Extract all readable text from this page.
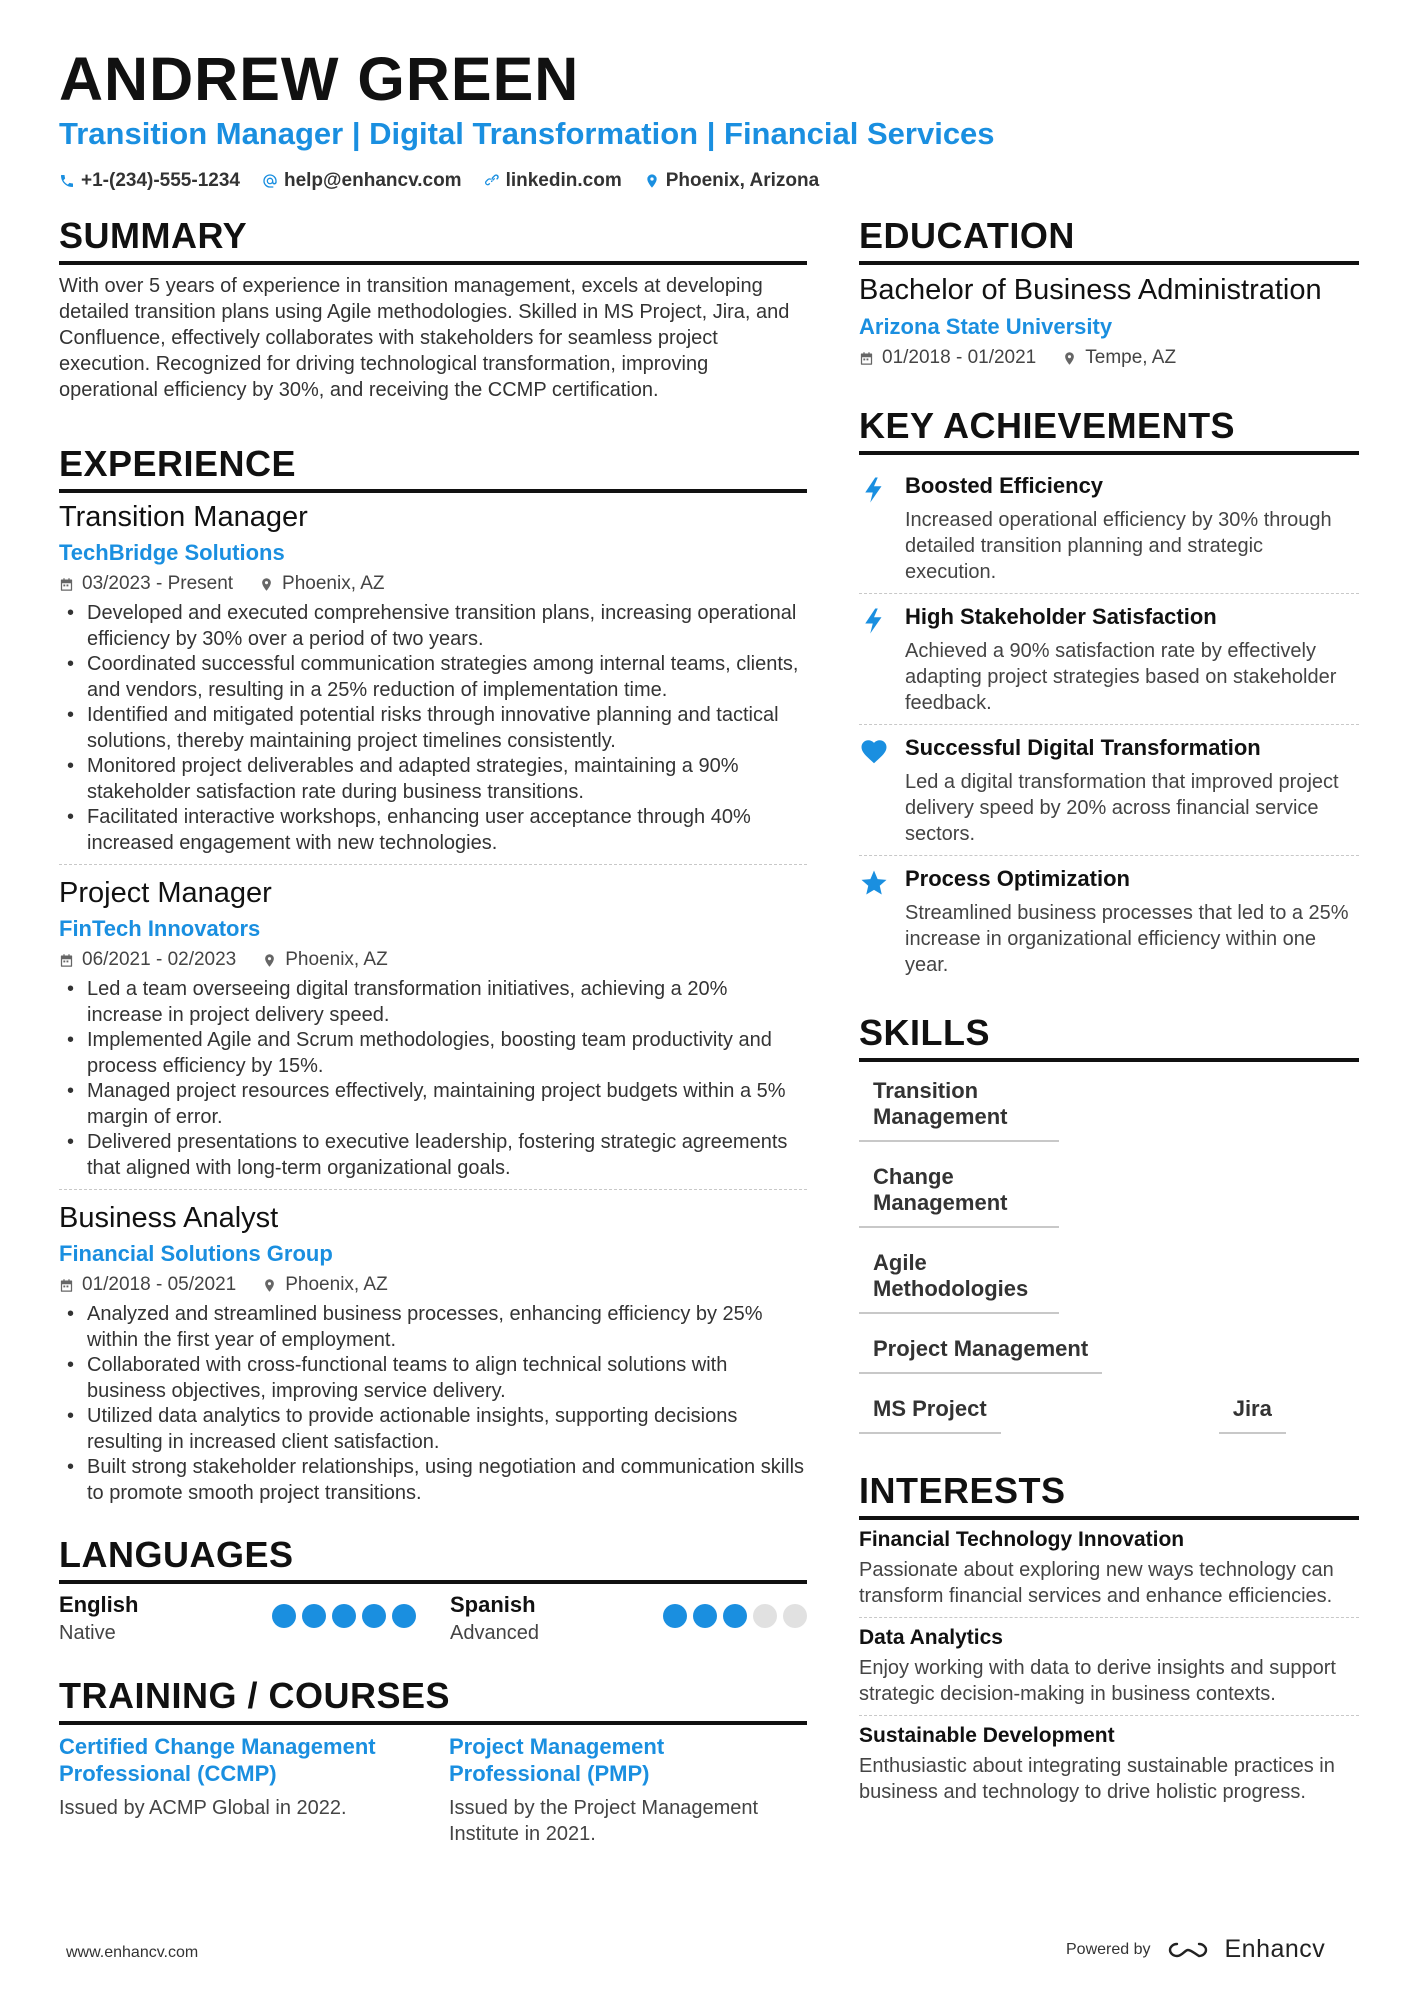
ANDREW GREEN
Transition Manager | Digital Transformation | Financial Services
+1-(234)-555-1234 help@enhancv.com linkedin.com Phoenix, Arizona
SUMMARY
With over 5 years of experience in transition management, excels at developing detailed transition plans using Agile methodologies. Skilled in MS Project, Jira, and Confluence, effectively collaborates with stakeholders for seamless project execution. Recognized for driving technological transformation, improving operational efficiency by 30%, and receiving the CCMP certification.
EXPERIENCE
Transition Manager
TechBridge Solutions
03/2023 - Present	Phoenix, AZ
• Developed and executed comprehensive transition plans, increasing operational efficiency by 30% over a period of two years.
• Coordinated successful communication strategies among internal teams, clients, and vendors, resulting in a 25% reduction of implementation time.
• Identified and mitigated potential risks through innovative planning and tactical solutions, thereby maintaining project timelines consistently.
• Monitored project deliverables and adapted strategies, maintaining a 90% stakeholder satisfaction rate during business transitions.
• Facilitated interactive workshops, enhancing user acceptance through 40% increased engagement with new technologies.
Project Manager
FinTech Innovators
06/2021 - 02/2023	Phoenix, AZ
• Led a team overseeing digital transformation initiatives, achieving a 20% increase in project delivery speed.
• Implemented Agile and Scrum methodologies, boosting team productivity and process efficiency by 15%.
• Managed project resources effectively, maintaining project budgets within a 5% margin of error.
• Delivered presentations to executive leadership, fostering strategic agreements that aligned with long-term organizational goals.
Business Analyst
Financial Solutions Group
01/2018 - 05/2021	Phoenix, AZ
• Analyzed and streamlined business processes, enhancing efficiency by 25% within the first year of employment.
• Collaborated with cross-functional teams to align technical solutions with business objectives, improving service delivery.
• Utilized data analytics to provide actionable insights, supporting decisions resulting in increased client satisfaction.
• Built strong stakeholder relationships, using negotiation and communication skills to promote smooth project transitions.
LANGUAGES
English
Native
Spanish
Advanced
TRAINING / COURSES
Certified Change Management Professional (CCMP)
Issued by ACMP Global in 2022.
Project Management Professional (PMP)
Issued by the Project Management Institute in 2021.
EDUCATION
Bachelor of Business Administration
Arizona State University
01/2018 - 01/2021	Tempe, AZ
KEY ACHIEVEMENTS
Boosted Efficiency
Increased operational efficiency by 30% through detailed transition planning and strategic execution.
High Stakeholder Satisfaction
Achieved a 90% satisfaction rate by effectively adapting project strategies based on stakeholder feedback.
Successful Digital Transformation
Led a digital transformation that improved project delivery speed by 20% across financial service sectors.
Process Optimization
Streamlined business processes that led to a 25% increase in organizational efficiency within one year.
SKILLS
Transition Management
Change Management
Agile Methodologies
Project Management
MS Project	Jira
INTERESTS
Financial Technology Innovation
Passionate about exploring new ways technology can transform financial services and enhance efficiencies.
Data Analytics
Enjoy working with data to derive insights and support strategic decision-making in business contexts.
Sustainable Development
Enthusiastic about integrating sustainable practices in business and technology to drive holistic progress.
www.enhancv.com	Powered by	Enhancv
